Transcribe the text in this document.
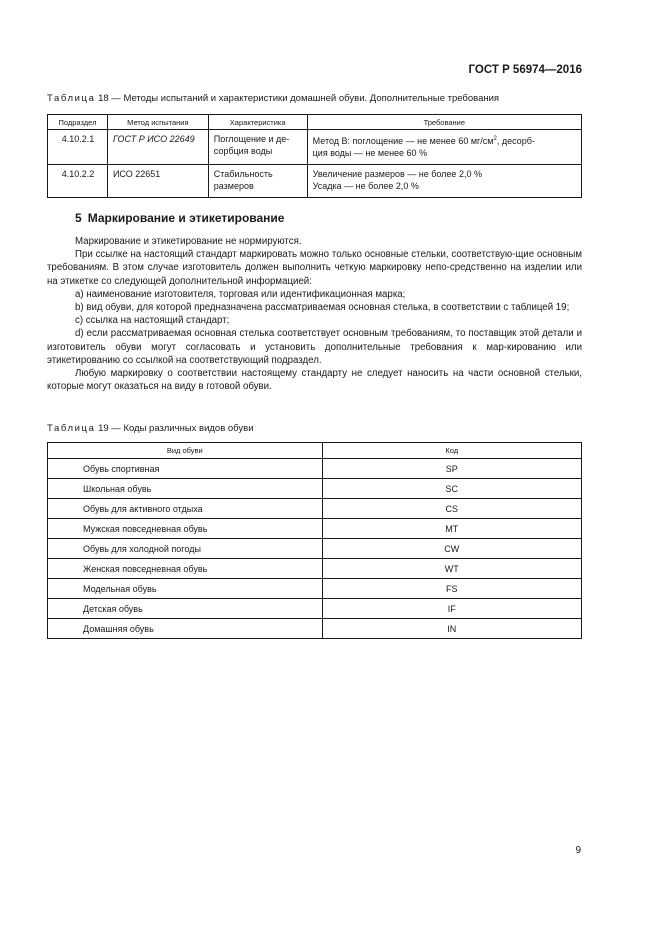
ГОСТ Р 56974—2016
Таблица 18 — Методы испытаний и характеристики домашней обуви. Дополнительные требования
Подраздел	Метод испытания	Характеристика	Требование
4.10.2.1	ГОСТ Р ИСО 22649	Поглощение и де-сорбция воды	Метод B: поглощение — не менее 60 $мг/см^2$, десорб-
ция воды — не менее 60 %
4.10.2.2	ИСО 22651	Стабильность размеров	Увеличение размеров — не более 2,0 %
Усадка — не более 2,0 %
5 Маркирование и этикетирование

Маркирование и этикетирование не нормируются.

При ссылке на настоящий стандарт маркировать можно только основные стельки, соответствую-щие основным требованиям. В этом случае изготовитель должен выполнить четкую маркировку непо-средственно на изделии или на этикетке со следующей дополнительной информацией:

a) наименование изготовителя, торговая или идентификационная марка;

b) вид обуви, для которой предназначена рассматриваемая основная стелька, в соответствии с таблицей 19;

c) ссылка на настоящий стандарт;

d) если рассматриваемая основная стелька соответствует основным требованиям, то поставщик этой детали и изготовитель обуви могут согласовать и установить дополнительные требования к мар-кированию или этикетированию со ссылкой на соответствующий подраздел.

Любую маркировку о соответствии настоящему стандарту не следует наносить на части основной стельки, которые могут оказаться на виду в готовой обуви.

Таблица 19 — Коды различных видов обуви
Вид обуви	Код
Обувь спортивная	SP
Школьная обувь	SC
Обувь для активного отдыха	CS
Мужская повседневная обувь	MT
Обувь для холодной погоды	CW
Женская повседневная обувь	WT
Модельная обувь	FS
Детская обувь	IF
Домашняя обувь	IN
9
